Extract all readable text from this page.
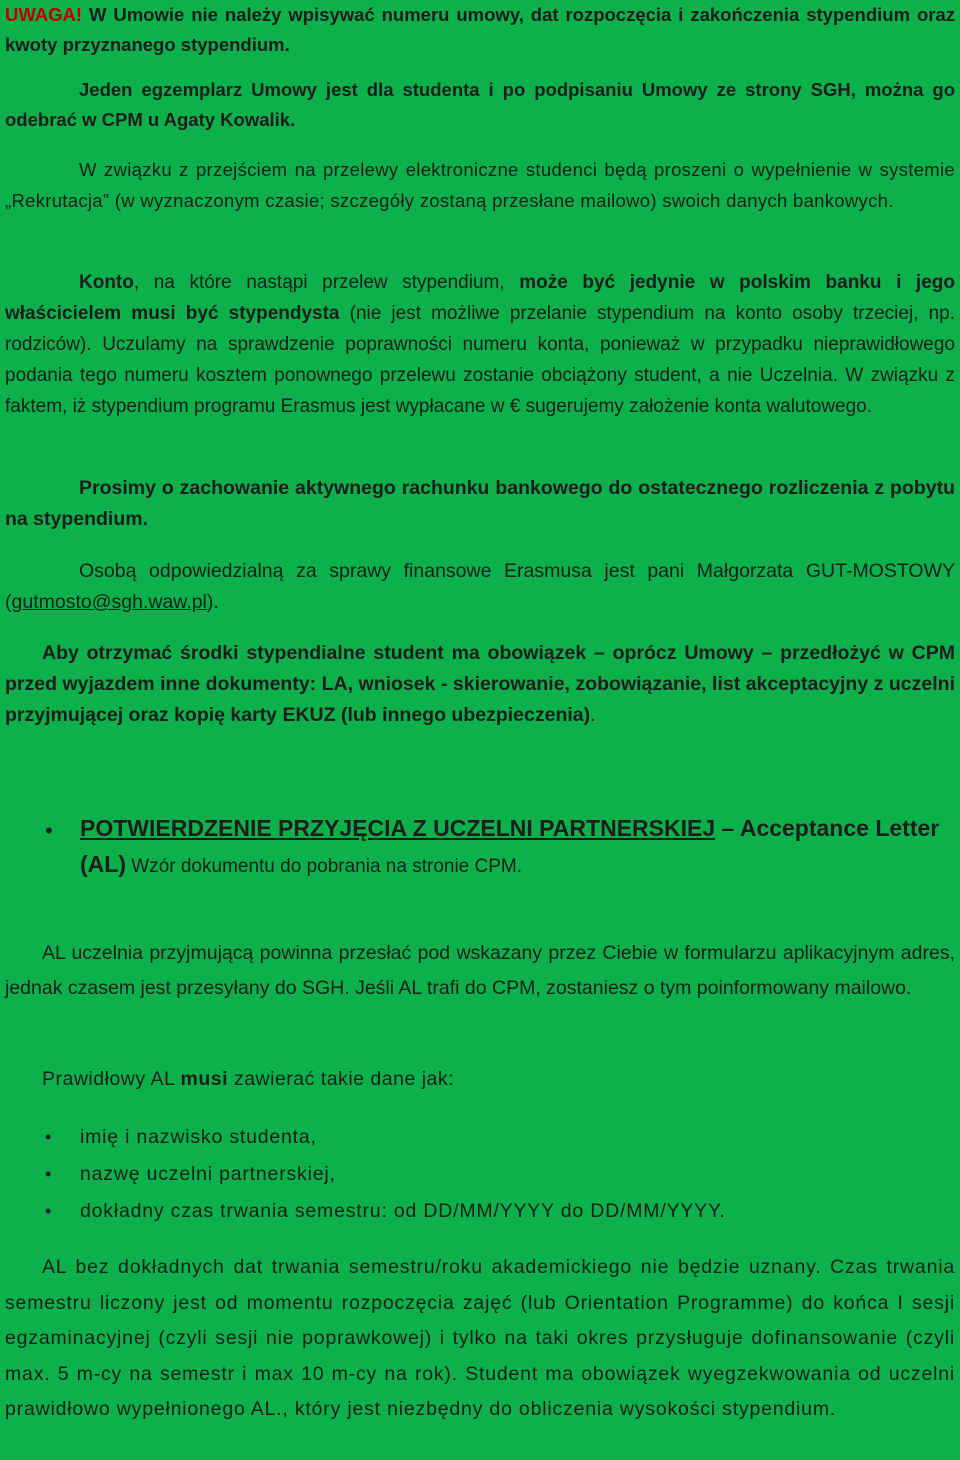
UWAGA! W Umowie nie należy wpisywać numeru umowy, dat rozpoczęcia i zakończenia stypendium oraz kwoty przyznanego stypendium.

Jeden egzemplarz Umowy jest dla studenta i po podpisaniu Umowy ze strony SGH, można go odebrać w CPM u Agaty Kowalik.

W związku z przejściem na przelewy elektroniczne studenci będą proszeni o wypełnienie w systemie „Rekrutacja” (w wyznaczonym czasie; szczegóły zostaną przesłane mailowo) swoich danych bankowych.

Konto, na które nastąpi przelew stypendium, może być jedynie w polskim banku i jego właścicielem musi być stypendysta (nie jest możliwe przelanie stypendium na konto osoby trzeciej, np. rodziców). Uczulamy na sprawdzenie poprawności numeru konta, ponieważ w przypadku nieprawidłowego podania tego numeru kosztem ponownego przelewu zostanie obciążony student, a nie Uczelnia. W związku z faktem, iż stypendium programu Erasmus jest wypłacane w € sugerujemy założenie konta walutowego.

Prosimy o zachowanie aktywnego rachunku bankowego do ostatecznego rozliczenia z pobytu na stypendium.

Osobą odpowiedzialną za sprawy finansowe Erasmusa jest pani Małgorzata GUT-MOSTOWY (gutmosto@sgh.waw.pl).

Aby otrzymać środki stypendialne student ma obowiązek – oprócz Umowy – przedłożyć w CPM przed wyjazdem inne dokumenty: LA, wniosek - skierowanie, zobowiązanie, list akceptacyjny z uczelni przyjmującej oraz kopię karty EKUZ (lub innego ubezpieczenia).

• POTWIERDZENIE PRZYJĘCIA Z UCZELNI PARTNERSKIEJ – Acceptance Letter (AL) Wzór dokumentu do pobrania na stronie CPM.

AL uczelnia przyjmującą powinna przesłać pod wskazany przez Ciebie w formularzu aplikacyjnym adres, jednak czasem jest przesyłany do SGH. Jeśli AL trafi do CPM, zostaniesz o tym poinformowany mailowo.

Prawidłowy AL musi zawierać takie dane jak:

• imię i nazwisko studenta,
• nazwę uczelni partnerskiej,
• dokładny czas trwania semestru: od DD/MM/YYYY do DD/MM/YYYY.

AL bez dokładnych dat trwania semestru/roku akademickiego nie będzie uznany. Czas trwania semestru liczony jest od momentu rozpoczęcia zajęć (lub Orientation Programme) do końca I sesji egzaminacyjnej (czyli sesji nie poprawkowej) i tylko na taki okres przysługuje dofinansowanie (czyli max. 5 m-cy na semestr i max 10 m-cy na rok). Student ma obowiązek wyegzekwowania od uczelni prawidłowo wypełnionego AL., który jest niezbędny do obliczenia wysokości stypendium.
